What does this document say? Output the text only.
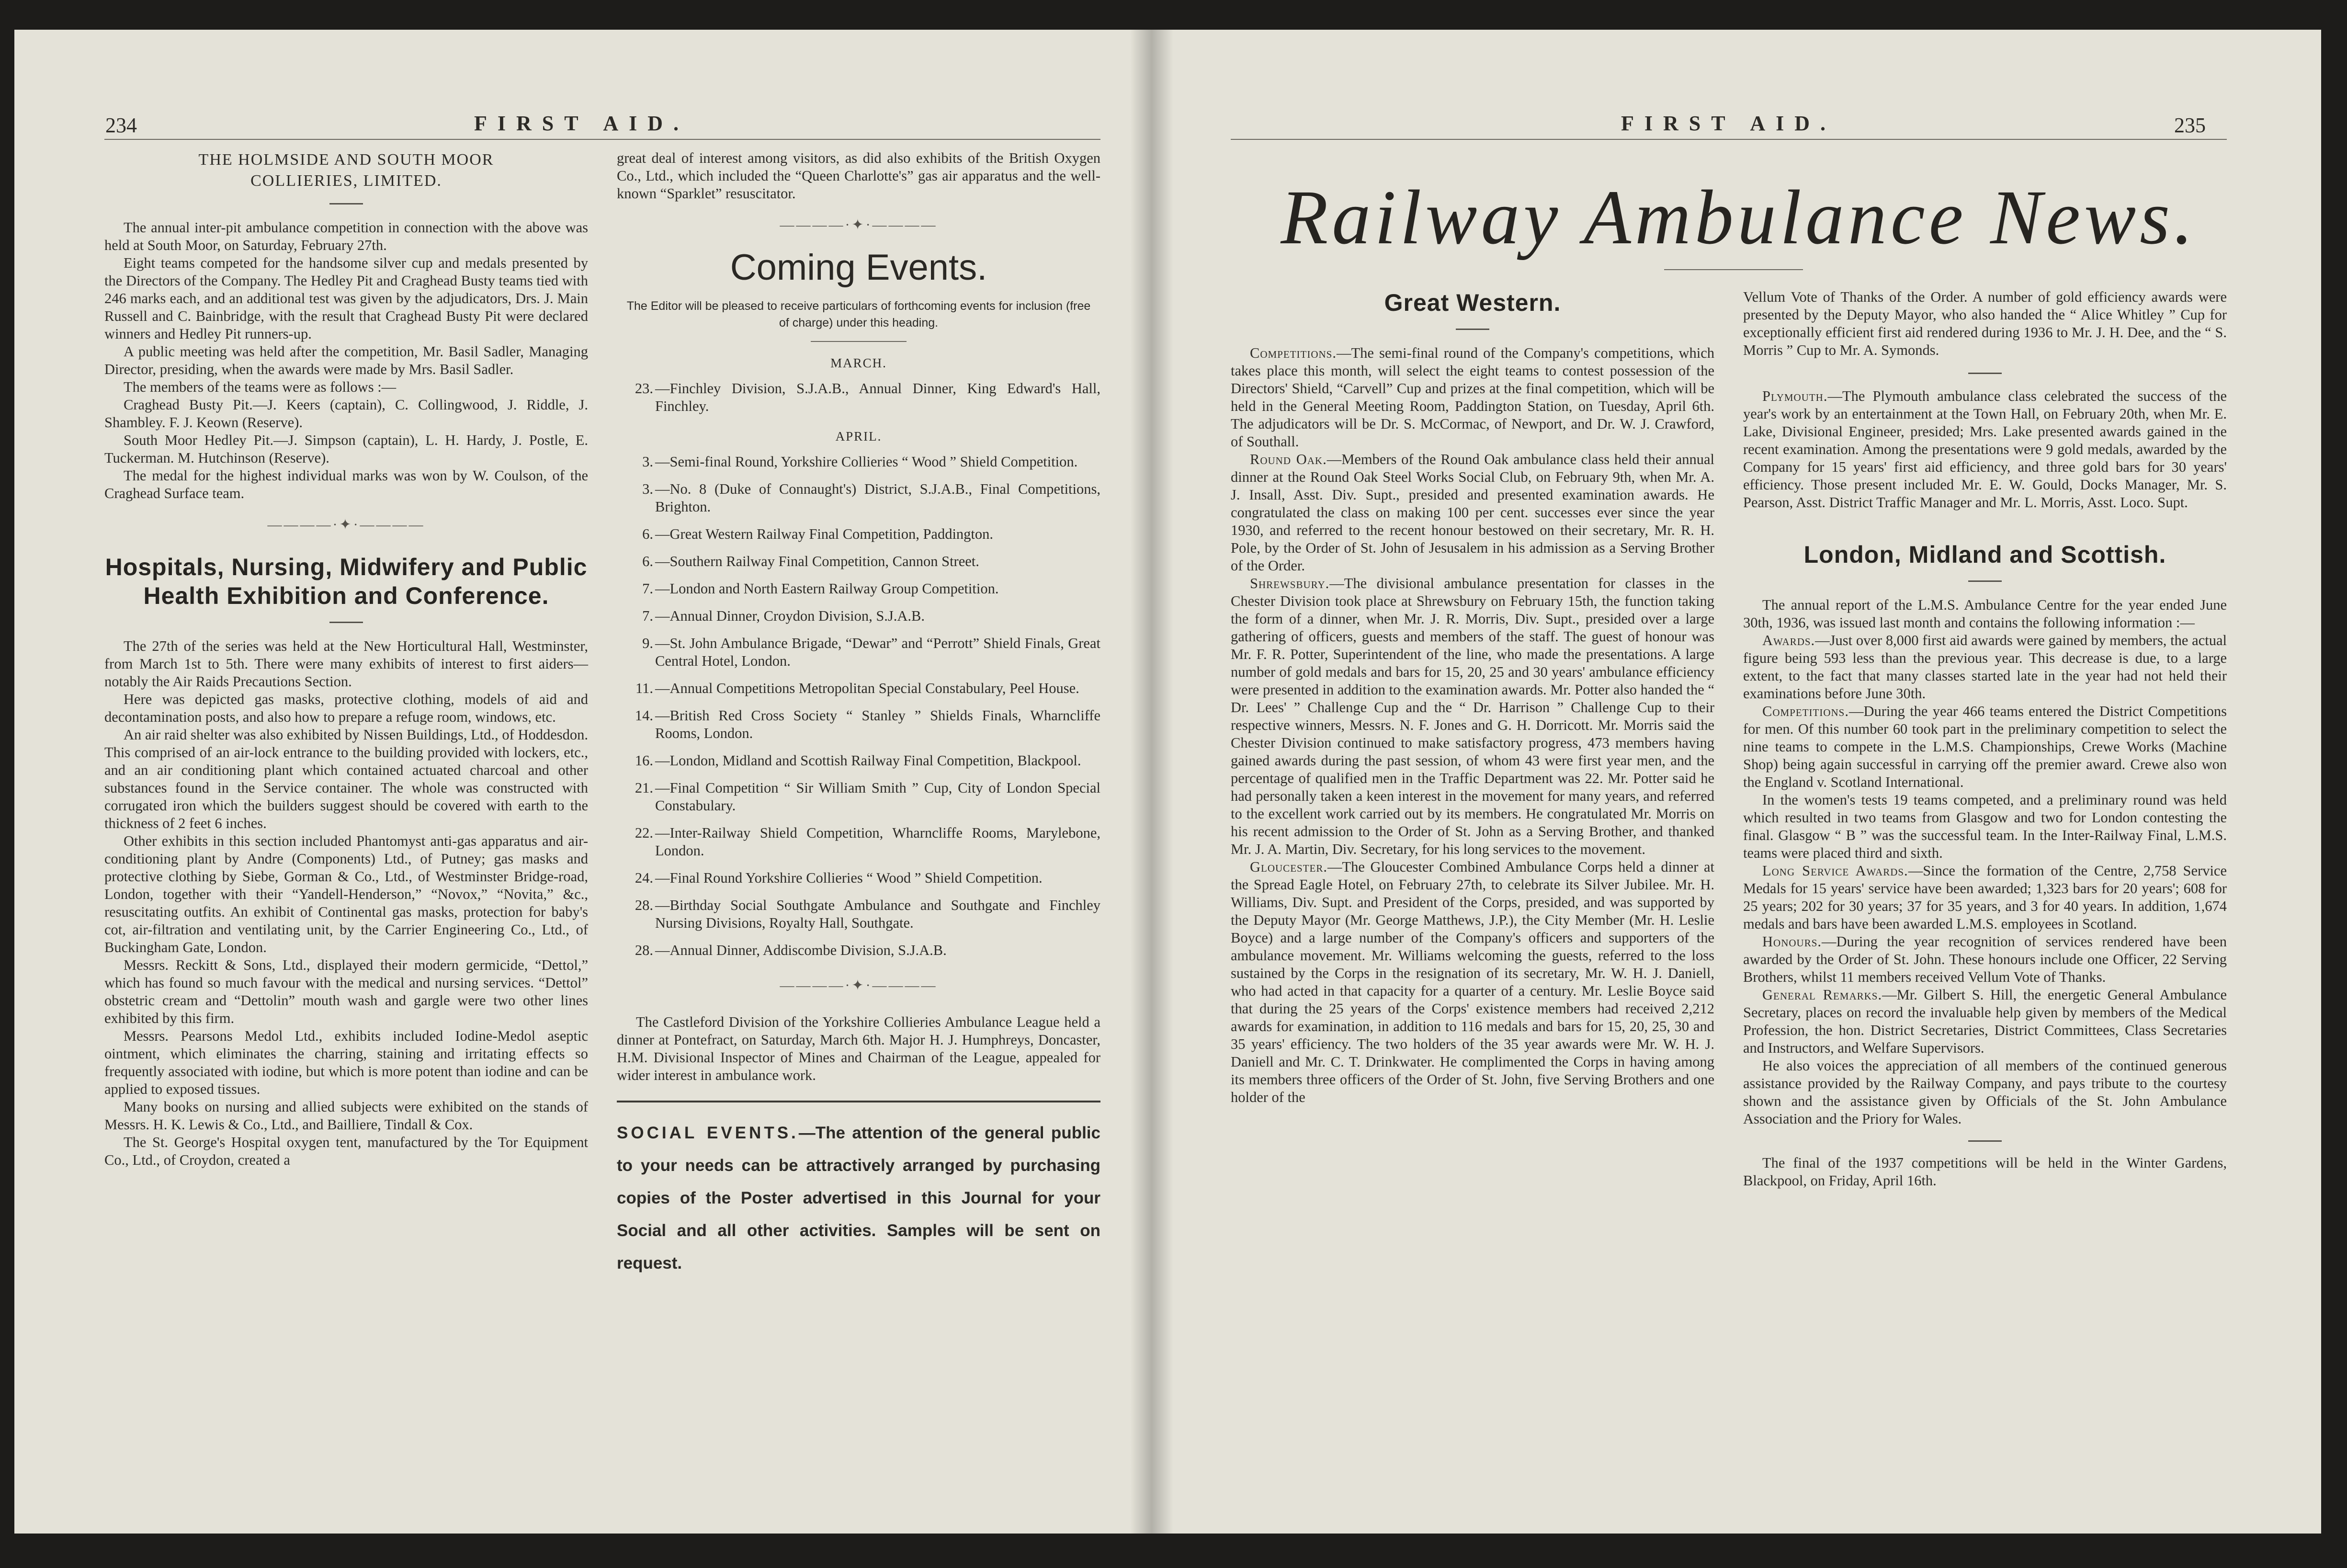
234	FIRST AID.
THE HOLMSIDE AND SOUTH MOOR COLLIERIES, LIMITED.

The annual inter-pit ambulance competition in connection with the above was held at South Moor, on Saturday, February 27th.

Eight teams competed for the handsome silver cup and medals presented by the Directors of the Company. The Hedley Pit and Craghead Busty teams tied with 246 marks each, and an additional test was given by the adjudicators, Drs. J. Main Russell and C. Bainbridge, with the result that Craghead Busty Pit were declared winners and Hedley Pit runners-up.

A public meeting was held after the competition, Mr. Basil Sadler, Managing Director, presiding, when the awards were made by Mrs. Basil Sadler.

The members of the teams were as follows :—

Craghead Busty Pit.—J. Keers (captain), C. Collingwood, J. Riddle, J. Shambley. F. J. Keown (Reserve).

South Moor Hedley Pit.—J. Simpson (captain), L. H. Hardy, J. Postle, E. Tuckerman. M. Hutchinson (Reserve).

The medal for the highest individual marks was won by W. Coulson, of the Craghead Surface team.

————·✦·————
Hospitals, Nursing, Midwifery and Public Health Exhibition and Conference.

The 27th of the series was held at the New Horticultural Hall, Westminster, from March 1st to 5th. There were many exhibits of interest to first aiders—notably the Air Raids Precautions Section.

Here was depicted gas masks, protective clothing, models of aid and decontamination posts, and also how to prepare a refuge room, windows, etc.

An air raid shelter was also exhibited by Nissen Buildings, Ltd., of Hoddesdon. This comprised of an air-lock entrance to the building provided with lockers, etc., and an air conditioning plant which contained actuated charcoal and other substances found in the Service container. The whole was constructed with corrugated iron which the builders suggest should be covered with earth to the thickness of 2 feet 6 inches.

Other exhibits in this section included Phantomyst anti-gas apparatus and air-conditioning plant by Andre (Components) Ltd., of Putney; gas masks and protective clothing by Siebe, Gorman & Co., Ltd., of Westminster Bridge-road, London, together with their “Yandell-Henderson,” “Novox,” “Novita,” &c., resuscitating outfits. An exhibit of Continental gas masks, protection for baby's cot, air-filtration and ventilating unit, by the Carrier Engineering Co., Ltd., of Buckingham Gate, London.

Messrs. Reckitt & Sons, Ltd., displayed their modern germicide, “Dettol,” which has found so much favour with the medical and nursing services. “Dettol” obstetric cream and “Dettolin” mouth wash and gargle were two other lines exhibited by this firm.

Messrs. Pearsons Medol Ltd., exhibits included Iodine-Medol aseptic ointment, which eliminates the charring, staining and irritating effects so frequently associated with iodine, but which is more potent than iodine and can be applied to exposed tissues.

Many books on nursing and allied subjects were exhibited on the stands of Messrs. H. K. Lewis & Co., Ltd., and Bailliere, Tindall & Cox.

The St. George's Hospital oxygen tent, manufactured by the Tor Equipment Co., Ltd., of Croydon, created a

great deal of interest among visitors, as did also exhibits of the British Oxygen Co., Ltd., which included the “Queen Charlotte's” gas air apparatus and the well-known “Sparklet” resuscitator.

————·✦·————
Coming Events.
The Editor will be pleased to receive particulars of forthcoming events for inclusion (free of charge) under this heading.
MARCH.
23. —Finchley Division, S.J.A.B., Annual Dinner, King Edward's Hall, Finchley.
APRIL.
3. —Semi-final Round, Yorkshire Collieries “ Wood ” Shield Competition.
3. —No. 8 (Duke of Connaught's) District, S.J.A.B., Final Competitions, Brighton.
6. —Great Western Railway Final Competition, Paddington.
6. —Southern Railway Final Competition, Cannon Street.
7. —London and North Eastern Railway Group Competition.
7. —Annual Dinner, Croydon Division, S.J.A.B.
9. —St. John Ambulance Brigade, “Dewar” and “Perrott” Shield Finals, Great Central Hotel, London.
11. —Annual Competitions Metropolitan Special Constabulary, Peel House.
14. —British Red Cross Society “ Stanley ” Shields Finals, Wharncliffe Rooms, London.
16. —London, Midland and Scottish Railway Final Competition, Blackpool.
21. —Final Competition “ Sir William Smith ” Cup, City of London Special Constabulary.
22. —Inter-Railway Shield Competition, Wharncliffe Rooms, Marylebone, London.
24. —Final Round Yorkshire Collieries “ Wood ” Shield Competition.
28. —Birthday Social Southgate Ambulance and Southgate and Finchley Nursing Divisions, Royalty Hall, Southgate.
28. —Annual Dinner, Addiscombe Division, S.J.A.B.
————·✦·————

The Castleford Division of the Yorkshire Collieries Ambulance League held a dinner at Pontefract, on Saturday, March 6th. Major H. J. Humphreys, Doncaster, H.M. Divisional Inspector of Mines and Chairman of the League, appealed for wider interest in ambulance work.

SOCIAL EVENTS.—The attention of the general public to your needs can be attractively arranged by purchasing copies of the Poster advertised in this Journal for your Social and all other activities. Samples will be sent on request.
FIRST AID.	235
Railway Ambulance News.
Great Western.

Competitions.—The semi-final round of the Company's competitions, which takes place this month, will select the eight teams to contest possession of the Directors' Shield, “Carvell” Cup and prizes at the final competition, which will be held in the General Meeting Room, Paddington Station, on Tuesday, April 6th. The adjudicators will be Dr. S. McCormac, of Newport, and Dr. W. J. Crawford, of Southall.

Round Oak.—Members of the Round Oak ambulance class held their annual dinner at the Round Oak Steel Works Social Club, on February 9th, when Mr. A. J. Insall, Asst. Div. Supt., presided and presented examination awards. He congratulated the class on making 100 per cent. successes ever since the year 1930, and referred to the recent honour bestowed on their secretary, Mr. R. H. Pole, by the Order of St. John of Jesusalem in his admission as a Serving Brother of the Order.

Shrewsbury.—The divisional ambulance presentation for classes in the Chester Division took place at Shrewsbury on February 15th, the function taking the form of a dinner, when Mr. J. R. Morris, Div. Supt., presided over a large gathering of officers, guests and members of the staff. The guest of honour was Mr. F. R. Potter, Superintendent of the line, who made the presentations. A large number of gold medals and bars for 15, 20, 25 and 30 years' ambulance efficiency were presented in addition to the examination awards. Mr. Potter also handed the “ Dr. Lees' ” Challenge Cup and the “ Dr. Harrison ” Challenge Cup to their respective winners, Messrs. N. F. Jones and G. H. Dorricott. Mr. Morris said the Chester Division continued to make satisfactory progress, 473 members having gained awards during the past session, of whom 43 were first year men, and the percentage of qualified men in the Traffic Department was 22. Mr. Potter said he had personally taken a keen interest in the movement for many years, and referred to the excellent work carried out by its members. He congratulated Mr. Morris on his recent admission to the Order of St. John as a Serving Brother, and thanked Mr. J. A. Martin, Div. Secretary, for his long services to the movement.

Gloucester.—The Gloucester Combined Ambulance Corps held a dinner at the Spread Eagle Hotel, on February 27th, to celebrate its Silver Jubilee. Mr. H. Williams, Div. Supt. and President of the Corps, presided, and was supported by the Deputy Mayor (Mr. George Matthews, J.P.), the City Member (Mr. H. Leslie Boyce) and a large number of the Company's officers and supporters of the ambulance movement. Mr. Williams welcoming the guests, referred to the loss sustained by the Corps in the resignation of its secretary, Mr. W. H. J. Daniell, who had acted in that capacity for a quarter of a century. Mr. Leslie Boyce said that during the 25 years of the Corps' existence members had received 2,212 awards for examination, in addition to 116 medals and bars for 15, 20, 25, 30 and 35 years' efficiency. The two holders of the 35 year awards were Mr. W. H. J. Daniell and Mr. C. T. Drinkwater. He complimented the Corps in having among its members three officers of the Order of St. John, five Serving Brothers and one holder of the

Vellum Vote of Thanks of the Order. A number of gold efficiency awards were presented by the Deputy Mayor, who also handed the “ Alice Whitley ” Cup for exceptionally efficient first aid rendered during 1936 to Mr. J. H. Dee, and the “ S. Morris ” Cup to Mr. A. Symonds.

Plymouth.—The Plymouth ambulance class celebrated the success of the year's work by an entertainment at the Town Hall, on February 20th, when Mr. E. Lake, Divisional Engineer, presided; Mrs. Lake presented awards gained in the recent examination. Among the presentations were 9 gold medals, awarded by the Company for 15 years' first aid efficiency, and three gold bars for 30 years' efficiency. Those present included Mr. E. W. Gould, Docks Manager, Mr. S. Pearson, Asst. District Traffic Manager and Mr. L. Morris, Asst. Loco. Supt.

London, Midland and Scottish.

The annual report of the L.M.S. Ambulance Centre for the year ended June 30th, 1936, was issued last month and contains the following information :—

Awards.—Just over 8,000 first aid awards were gained by members, the actual figure being 593 less than the previous year. This decrease is due, to a large extent, to the fact that many classes started late in the year had not held their examinations before June 30th.

Competitions.—During the year 466 teams entered the District Competitions for men. Of this number 60 took part in the preliminary competition to select the nine teams to compete in the L.M.S. Championships, Crewe Works (Machine Shop) being again successful in carrying off the premier award. Crewe also won the England v. Scotland International.

In the women's tests 19 teams competed, and a preliminary round was held which resulted in two teams from Glasgow and two for London contesting the final. Glasgow “ B ” was the successful team. In the Inter-Railway Final, L.M.S. teams were placed third and sixth.

Long Service Awards.—Since the formation of the Centre, 2,758 Service Medals for 15 years' service have been awarded; 1,323 bars for 20 years'; 608 for 25 years; 202 for 30 years; 37 for 35 years, and 3 for 40 years. In addition, 1,674 medals and bars have been awarded L.M.S. employees in Scotland.

Honours.—During the year recognition of services rendered have been awarded by the Order of St. John. These honours include one Officer, 22 Serving Brothers, whilst 11 members received Vellum Vote of Thanks.

General Remarks.—Mr. Gilbert S. Hill, the energetic General Ambulance Secretary, places on record the invaluable help given by members of the Medical Profession, the hon. District Secretaries, District Committees, Class Secretaries and Instructors, and Welfare Supervisors.

He also voices the appreciation of all members of the continued generous assistance provided by the Railway Company, and pays tribute to the courtesy shown and the assistance given by Officials of the St. John Ambulance Association and the Priory for Wales.

The final of the 1937 competitions will be held in the Winter Gardens, Blackpool, on Friday, April 16th.
